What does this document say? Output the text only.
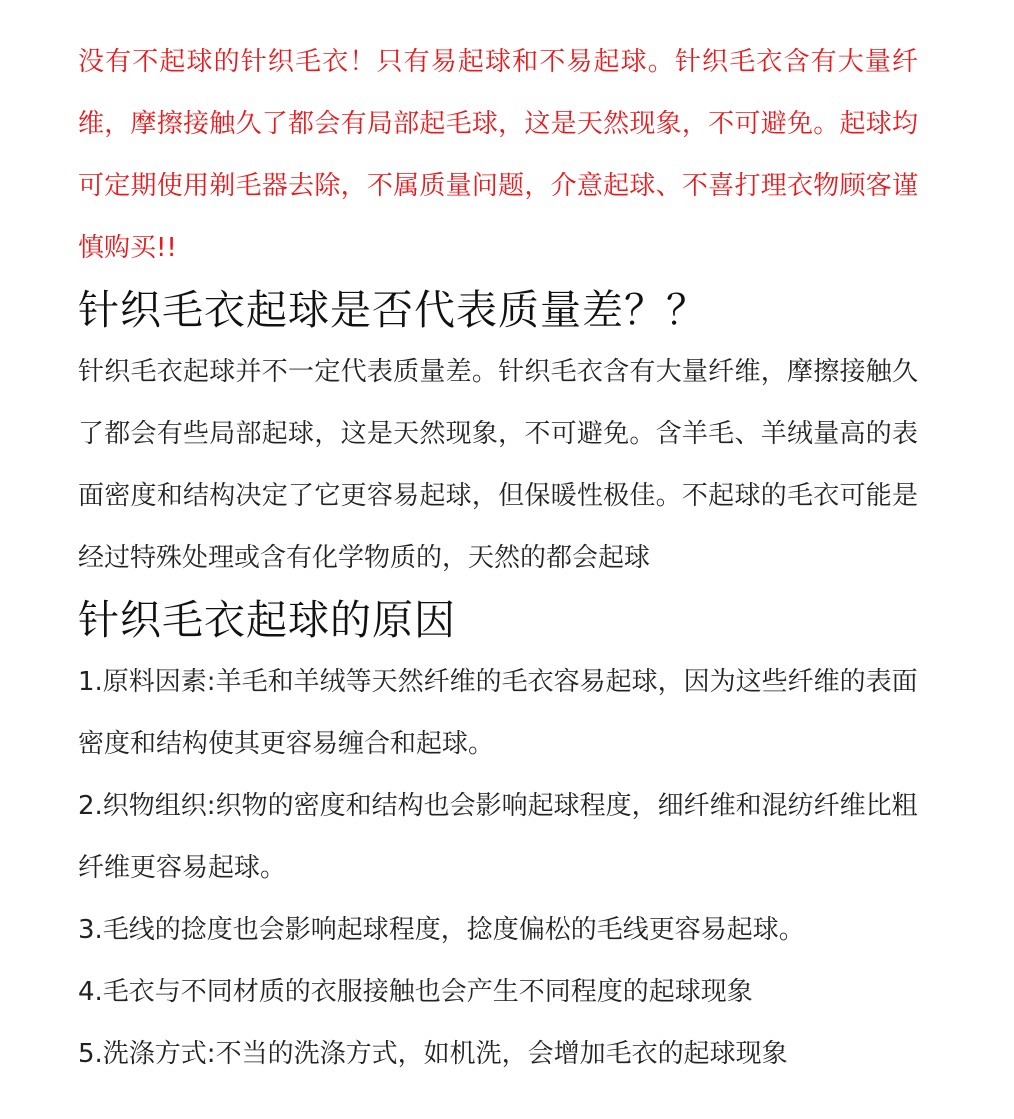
没有不起球的针织毛衣！只有易起球和不易起球。针织毛衣含有大量纤维，摩擦接触久了都会有局部起毛球，这是天然现象，不可避免。起球均可定期使用剃毛器去除，不属质量问题，介意起球、不喜打理衣物顾客谨慎购买!!

针织毛衣起球是否代表质量差？？

针织毛衣起球并不一定代表质量差。针织毛衣含有大量纤维，摩擦接触久了都会有些局部起球，这是天然现象，不可避免。含羊毛、羊绒量高的表面密度和结构决定了它更容易起球，但保暖性极佳。不起球的毛衣可能是经过特殊处理或含有化学物质的，天然的都会起球

针织毛衣起球的原因
1.原料因素:羊毛和羊绒等天然纤维的毛衣容易起球，因为这些纤维的表面密度和结构使其更容易缠合和起球。
2.织物组织:织物的密度和结构也会影响起球程度，细纤维和混纺纤维比粗纤维更容易起球。
3.毛线的捻度也会影响起球程度，捻度偏松的毛线更容易起球。
4.毛衣与不同材质的衣服接触也会产生不同程度的起球现象
5.洗涤方式:不当的洗涤方式，如机洗，会增加毛衣的起球现象
